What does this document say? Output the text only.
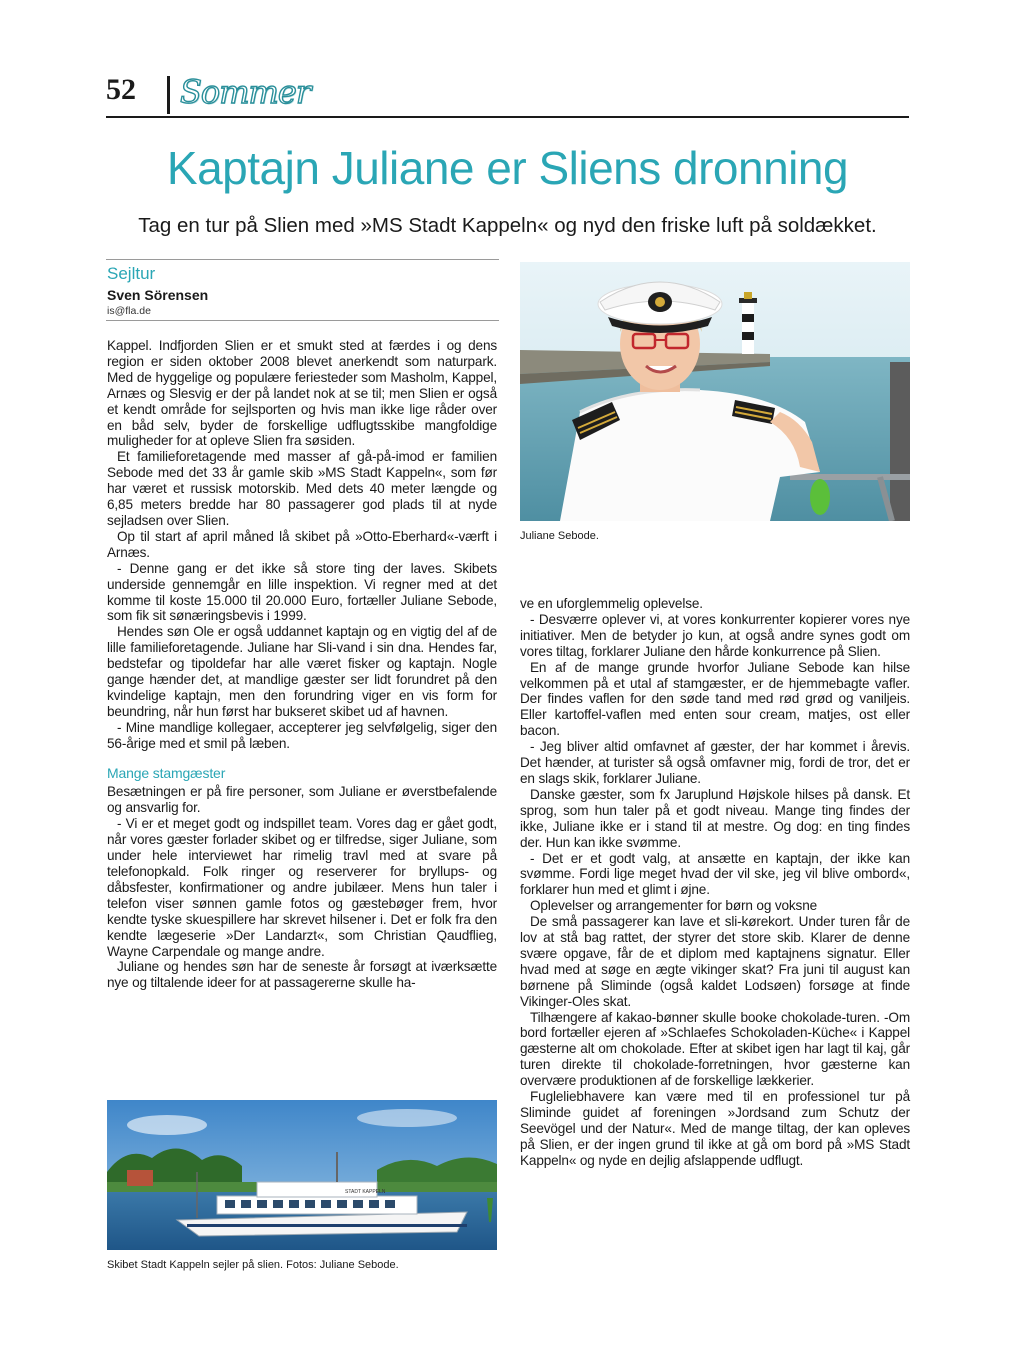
52 Sommer
Kaptajn Juliane er Sliens dronning

Tag en tur på Slien med »MS Stadt Kappeln« og nyd den friske luft på soldækket.

Sejltur
Sven Sörensen
is@fla.de

Kappel. Indfjorden Slien er et smukt sted at færdes i og dens region er siden oktober 2008 blevet anerkendt som naturpark. Med de hyggelige og populære feriesteder som Masholm, Kappel, Arnæs og Slesvig er der på landet nok at se til; men Slien er også et kendt område for sejlsporten og hvis man ikke lige råder over en båd selv, byder de forskellige udflugtsskibe mangfoldige muligheder for at opleve Slien fra søsiden.

Et familieforetagende med masser af gå-på-imod er familien Sebode med det 33 år gamle skib »MS Stadt Kappeln«, som før har været et russisk motorskib. Med dets 40 meter længde og 6,85 meters bredde har 80 passagerer god plads til at nyde sejladsen over Slien.

Op til start af april måned lå skibet på »Otto-Eberhard«-værft i Arnæs.

- Denne gang er det ikke så store ting der laves. Skibets underside gennemgår en lille inspektion. Vi regner med at det komme til koste 15.000 til 20.000 Euro, fortæller Juliane Sebode, som fik sit sønæringsbevis i 1999.

Hendes søn Ole er også uddannet kaptajn og en vigtig del af de lille familieforetagende. Juliane har Sli-vand i sin dna. Hendes far, bedstefar og tipoldefar har alle været fisker og kaptajn. Nogle gange hænder det, at mandlige gæster ser lidt forundret på den kvindelige kaptajn, men den forundring viger en vis form for beundring, når hun først har bukseret skibet ud af havnen.

- Mine mandlige kollegaer, accepterer jeg selvfølgelig, siger den 56-årige med et smil på læben.

Mange stamgæster

Besætningen er på fire personer, som Juliane er øverstbefalende og ansvarlig for.

- Vi er et meget godt og indspillet team. Vores dag er gået godt, når vores gæster forlader skibet og er tilfredse, siger Juliane, som under hele interviewet har rimelig travl med at svare på telefonopkald. Folk ringer og reserverer for bryllups- og dåbsfester, konfirmationer og andre jubilæer. Mens hun taler i telefon viser sønnen gamle fotos og gæstebøger frem, hvor kendte tyske skuespillere har skrevet hilsener i. Det er folk fra den kendte lægeserie »Der Landarzt«, som Christian Qaudflieg, Wayne Carpendale og mange andre.

Juliane og hendes søn har de seneste år forsøgt at iværksætte nye og tiltalende ideer for at passagererne skulle ha-

Juliane Sebode.

ve en uforglemmelig oplevelse.

- Desværre oplever vi, at vores konkurrenter kopierer vores nye initiativer. Men de betyder jo kun, at også andre synes godt om vores tiltag, forklarer Juliane den hårde konkurrence på Slien.

En af de mange grunde hvorfor Juliane Sebode kan hilse velkommen på et utal af stamgæster, er de hjemmebagte vafler. Der findes vaflen for den søde tand med rød grød og vaniljeis. Eller kartoffel-vaflen med enten sour cream, matjes, ost eller bacon.

- Jeg bliver altid omfavnet af gæster, der har kommet i årevis. Det hænder, at turister så også omfavner mig, fordi de tror, det er en slags skik, forklarer Juliane.

Danske gæster, som fx Jaruplund Højskole hilses på dansk. Et sprog, som hun taler på et godt niveau. Mange ting findes der ikke, Juliane ikke er i stand til at mestre. Og dog: en ting findes der. Hun kan ikke svømme.

- Det er et godt valg, at ansætte en kaptajn, der ikke kan svømme. Fordi lige meget hvad der vil ske, jeg vil blive ombord«, forklarer hun med et glimt i øjne.

Oplevelser og arrangementer for børn og voksne

De små passagerer kan lave et sli-kørekort. Under turen får de lov at stå bag rattet, der styrer det store skib. Klarer de denne svære opgave, får de et diplom med kaptajnens signatur. Eller hvad med at søge en ægte vikinger skat? Fra juni til august kan børnene på Sliminde (også kaldet Lodsøen) forsøge at finde Vikinger-Oles skat.

Tilhængere af kakao-bønner skulle booke chokolade-turen. -Om bord fortæller ejeren af »Schlaefes Schokoladen-Küche« i Kappel gæsterne alt om chokolade. Efter at skibet igen har lagt til kaj, går turen direkte til chokolade-forretningen, hvor gæsterne kan overvære produktionen af de forskellige lækkerier.

Fugleliebhavere kan være med til en professionel tur på Sliminde guidet af foreningen »Jordsand zum Schutz der Seevögel und der Natur«. Med de mange tiltag, der kan opleves på Slien, er der ingen grund til ikke at gå om bord på »MS Stadt Kappeln« og nyde en dejlig afslappende udflugt.

STADT KAPPELN
Skibet Stadt Kappeln sejler på slien. Fotos: Juliane Sebode.
